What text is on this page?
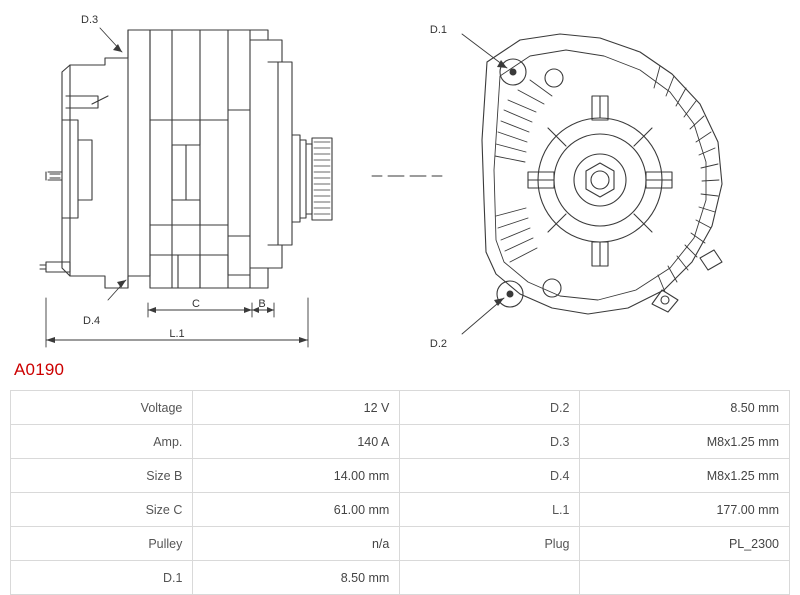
D.3
D.4
C	B
L.1
D.1
D.2
A0190
Voltage	12 V	D.2	8.50 mm
Amp.	140 A	D.3	M8x1.25 mm
Size B	14.00 mm	D.4	M8x1.25 mm
Size C	61.00 mm	L.1	177.00 mm
Pulley	n/a	Plug	PL_2300
D.1	8.50 mm		
